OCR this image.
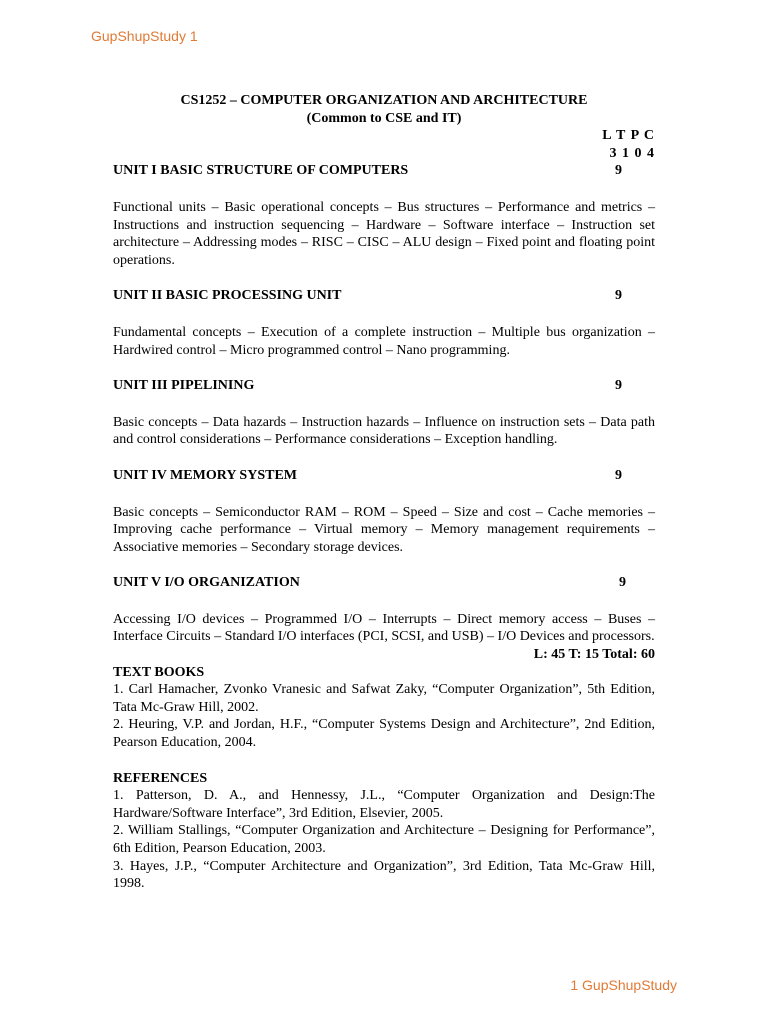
GupShupStudy 1
CS1252 – COMPUTER ORGANIZATION AND ARCHITECTURE
(Common to CSE and IT)
L T P C
3 1 0 4
UNIT I BASIC STRUCTURE OF COMPUTERS	9
Functional units – Basic operational concepts – Bus structures – Performance and metrics – Instructions and instruction sequencing – Hardware – Software interface – Instruction set architecture – Addressing modes – RISC – CISC – ALU design – Fixed point and floating point operations.
UNIT II BASIC PROCESSING UNIT	9
Fundamental concepts – Execution of a complete instruction – Multiple bus organization – Hardwired control – Micro programmed control – Nano programming.
UNIT III PIPELINING	9
Basic concepts – Data hazards – Instruction hazards – Influence on instruction sets – Data path and control considerations – Performance considerations – Exception handling.
UNIT IV MEMORY SYSTEM	9
Basic concepts – Semiconductor RAM – ROM – Speed – Size and cost – Cache memories – Improving cache performance – Virtual memory – Memory management requirements – Associative memories – Secondary storage devices.
UNIT V I/O ORGANIZATION	9
Accessing I/O devices – Programmed I/O – Interrupts – Direct memory access – Buses – Interface Circuits – Standard I/O interfaces (PCI, SCSI, and USB) – I/O Devices and processors.
L: 45 T: 15 Total: 60
TEXT BOOKS
1. Carl Hamacher, Zvonko Vranesic and Safwat Zaky, “Computer Organization”, 5th Edition, Tata Mc-Graw Hill, 2002.
2. Heuring, V.P. and Jordan, H.F., “Computer Systems Design and Architecture”, 2nd Edition, Pearson Education, 2004.
REFERENCES
1. Patterson, D. A., and Hennessy, J.L., “Computer Organization and Design:The Hardware/Software Interface”, 3rd Edition, Elsevier, 2005.
2. William Stallings, “Computer Organization and Architecture – Designing for Performance”, 6th Edition, Pearson Education, 2003.
3. Hayes, J.P., “Computer Architecture and Organization”, 3rd Edition, Tata Mc-Graw Hill, 1998.
1 GupShupStudy
